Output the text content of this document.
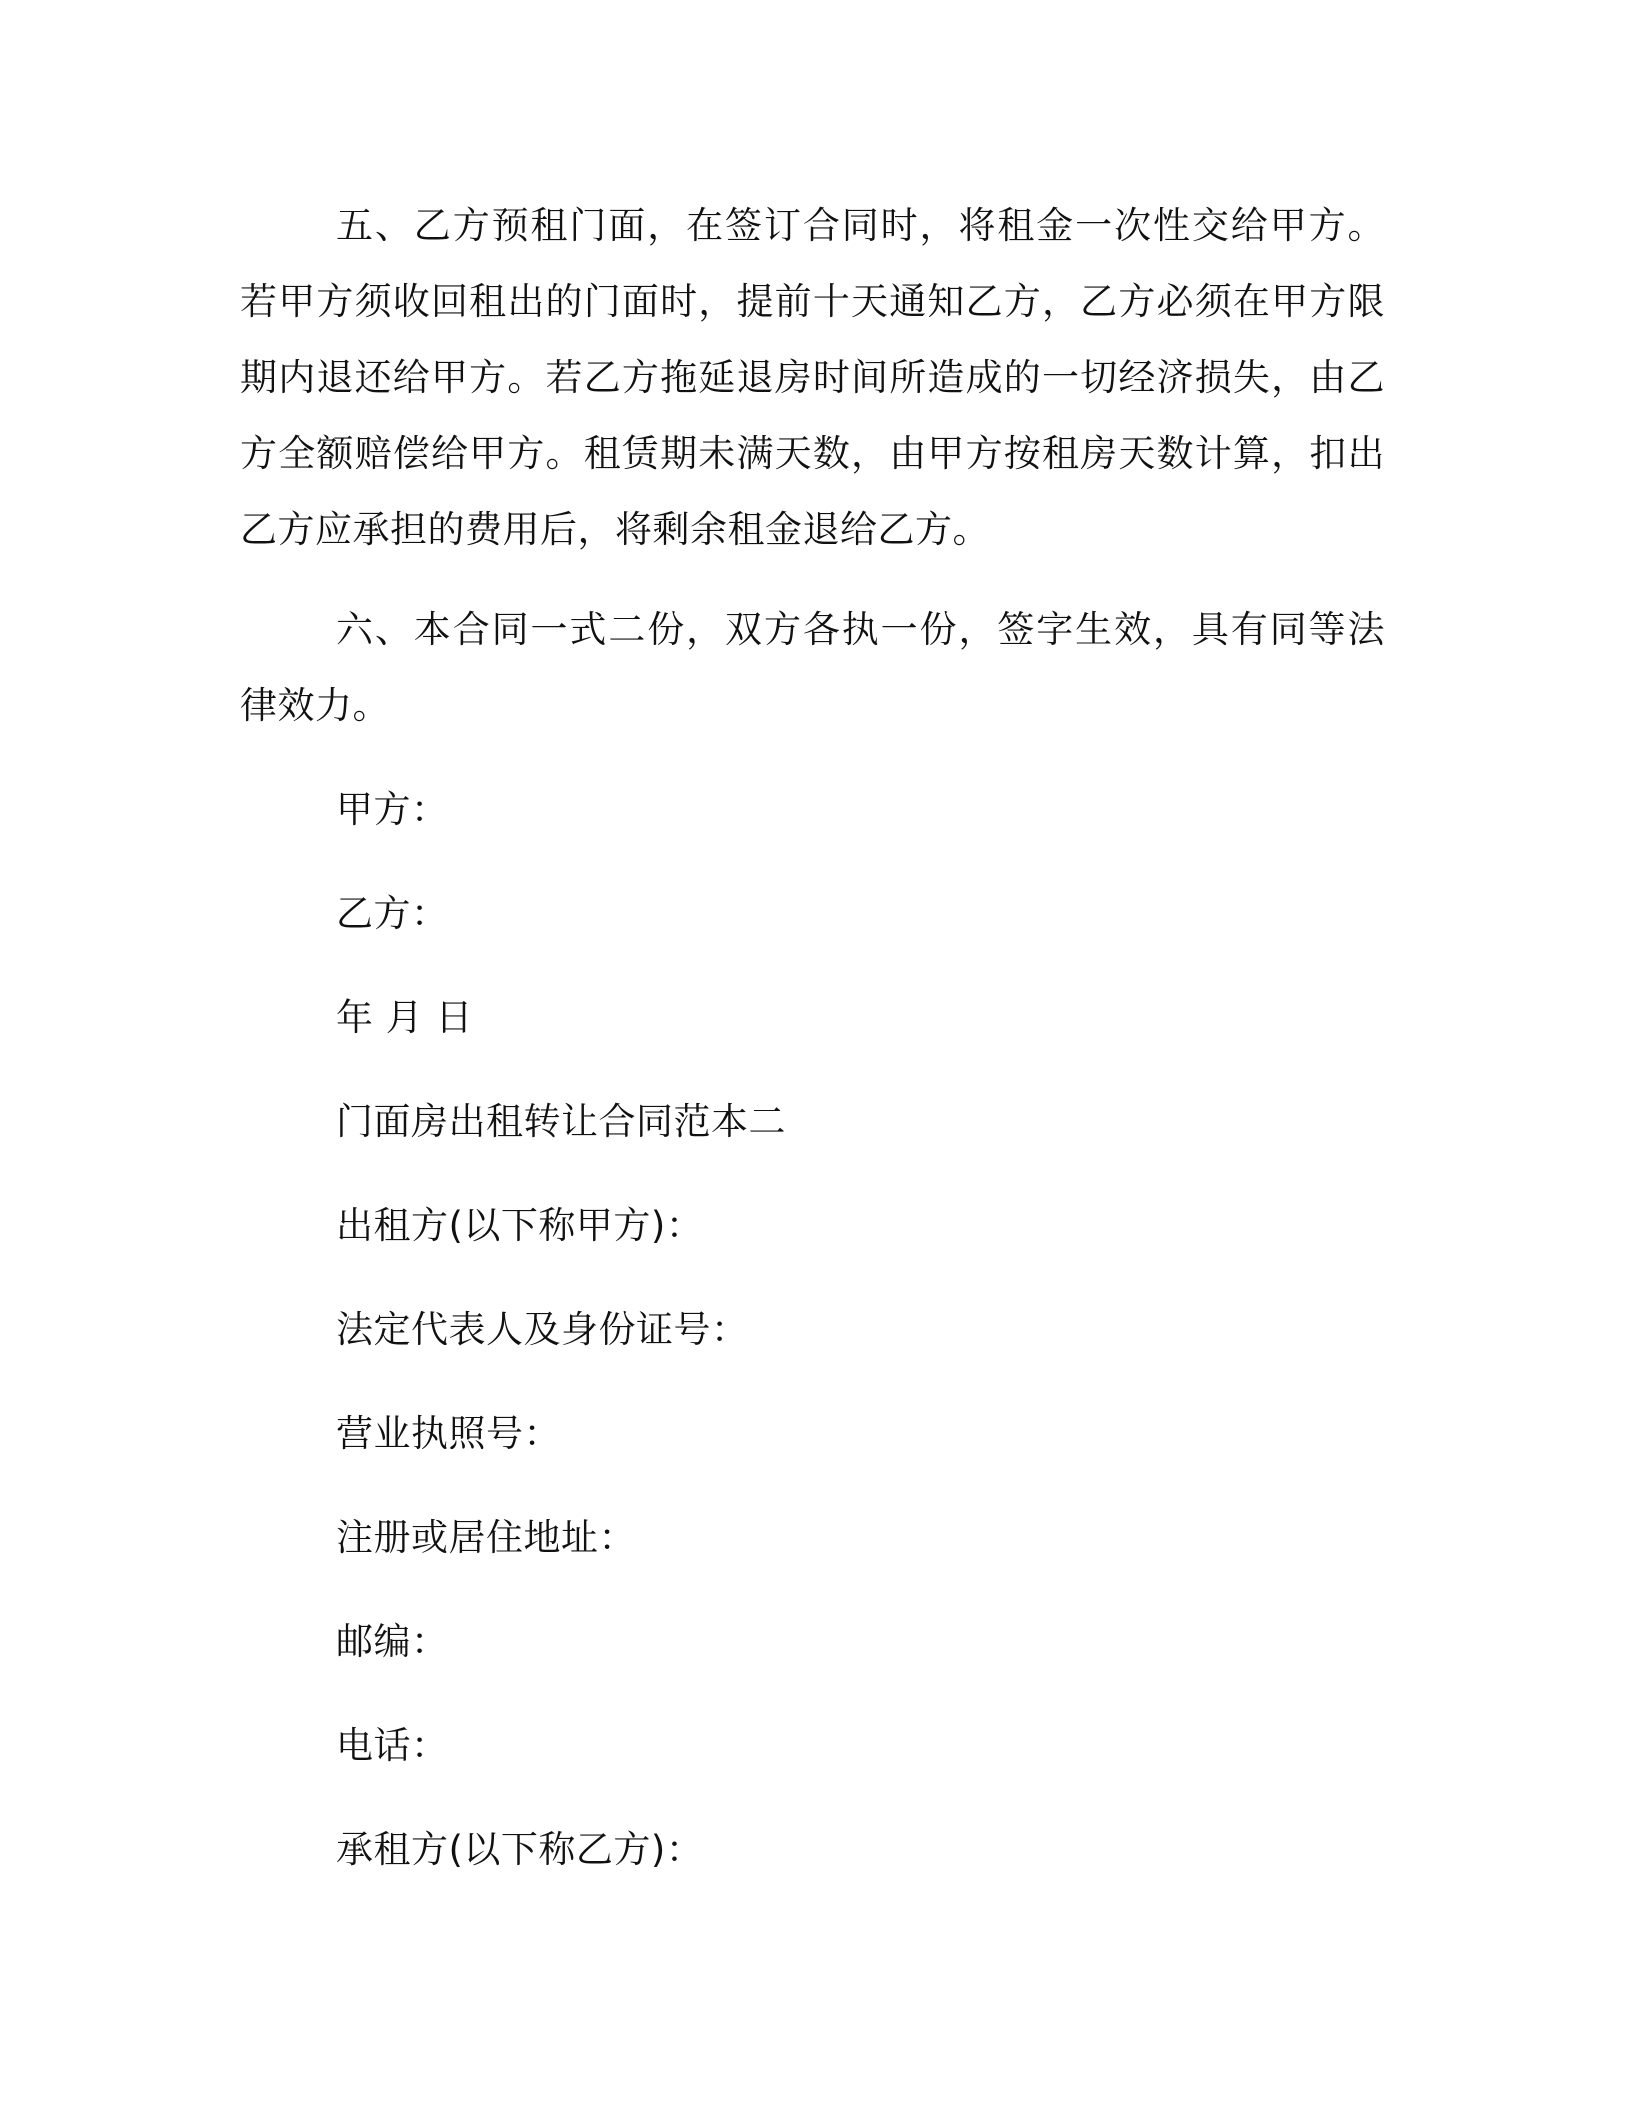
五、乙方预租门面，在签订合同时，将租金一次性交给甲方。若甲方须收回租出的门面时，提前十天通知乙方，乙方必须在甲方限期内退还给甲方。若乙方拖延退房时间所造成的一切经济损失，由乙方全额赔偿给甲方。租赁期未满天数，由甲方按租房天数计算，扣出乙方应承担的费用后，将剩余租金退给乙方。

六、本合同一式二份，双方各执一份，签字生效，具有同等法律效力。

甲方：

乙方：

年 月 日

门面房出租转让合同范本二

出租方(以下称甲方)：

法定代表人及身份证号：

营业执照号：

注册或居住地址：

邮编：

电话：

承租方(以下称乙方)：
